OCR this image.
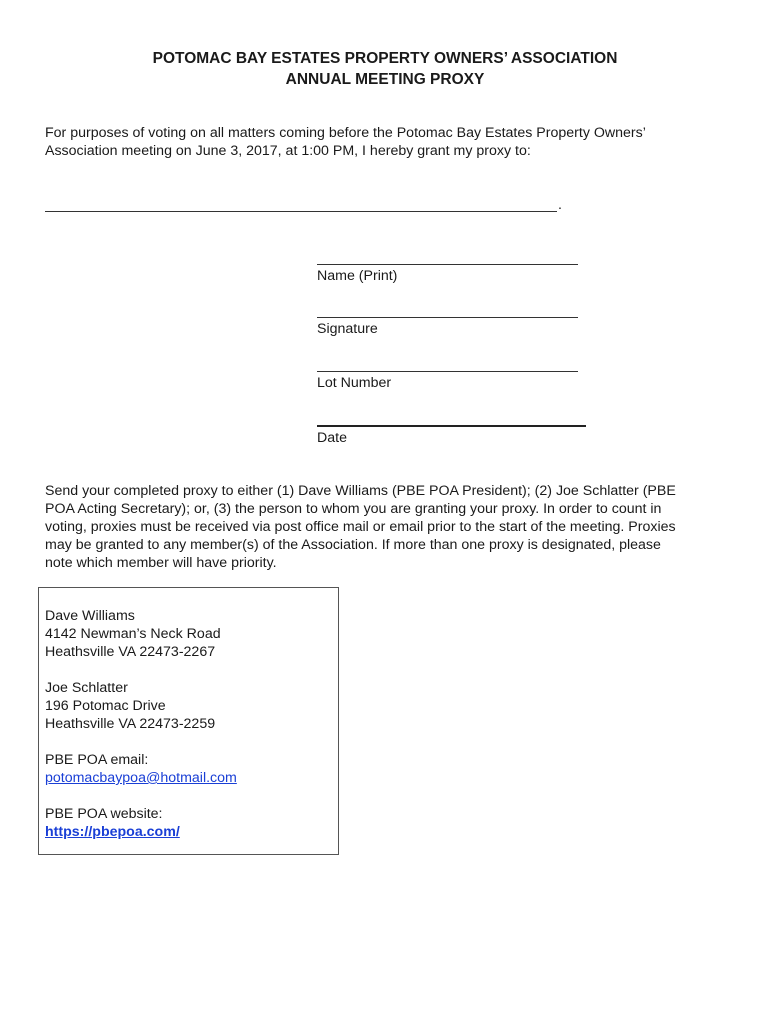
POTOMAC BAY ESTATES PROPERTY OWNERS’ ASSOCIATION
ANNUAL MEETING PROXY
For purposes of voting on all matters coming before the Potomac Bay Estates Property Owners’
Association meeting on June 3, 2017, at 1:00 PM, I hereby grant my proxy to:
.
Name (Print)
Signature
Lot Number
Date
Send your completed proxy to either (1) Dave Williams (PBE POA President); (2) Joe Schlatter (PBE
POA Acting Secretary); or, (3) the person to whom you are granting your proxy. In order to count in
voting, proxies must be received via post office mail or email prior to the start of the meeting. Proxies
may be granted to any member(s) of the Association. If more than one proxy is designated, please
note which member will have priority.
Dave Williams
4142 Newman’s Neck Road
Heathsville VA 22473-2267
Joe Schlatter
196 Potomac Drive
Heathsville VA 22473-2259
PBE POA email:
potomacbaypoa@hotmail.com
PBE POA website:
https://pbepoa.com/
